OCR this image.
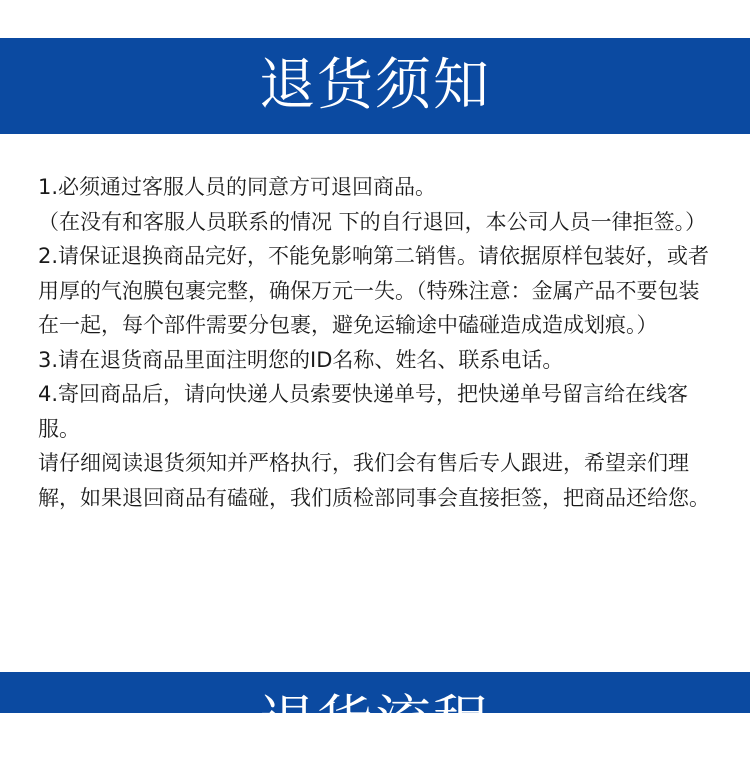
退货须知

1.必须通过客服人员的同意方可退回商品。

（在没有和客服人员联系的情况 下的自行退回，本公司人员一律拒签。）

2.请保证退换商品完好，不能免影响第二销售。请依据原样包装好，或者用厚的气泡膜包裹完整，确保万元一失。（特殊注意：金属产品不要包装在一起，每个部件需要分包裹，避免运输途中磕碰造成造成划痕。）

3.请在退货商品里面注明您的ID名称、姓名、联系电话。

4.寄回商品后，请向快递人员索要快递单号，把快递单号留言给在线客服。

请仔细阅读退货须知并严格执行，我们会有售后专人跟进，希望亲们理解，如果退回商品有磕碰，我们质检部同事会直接拒签，把商品还给您。

退货流程
